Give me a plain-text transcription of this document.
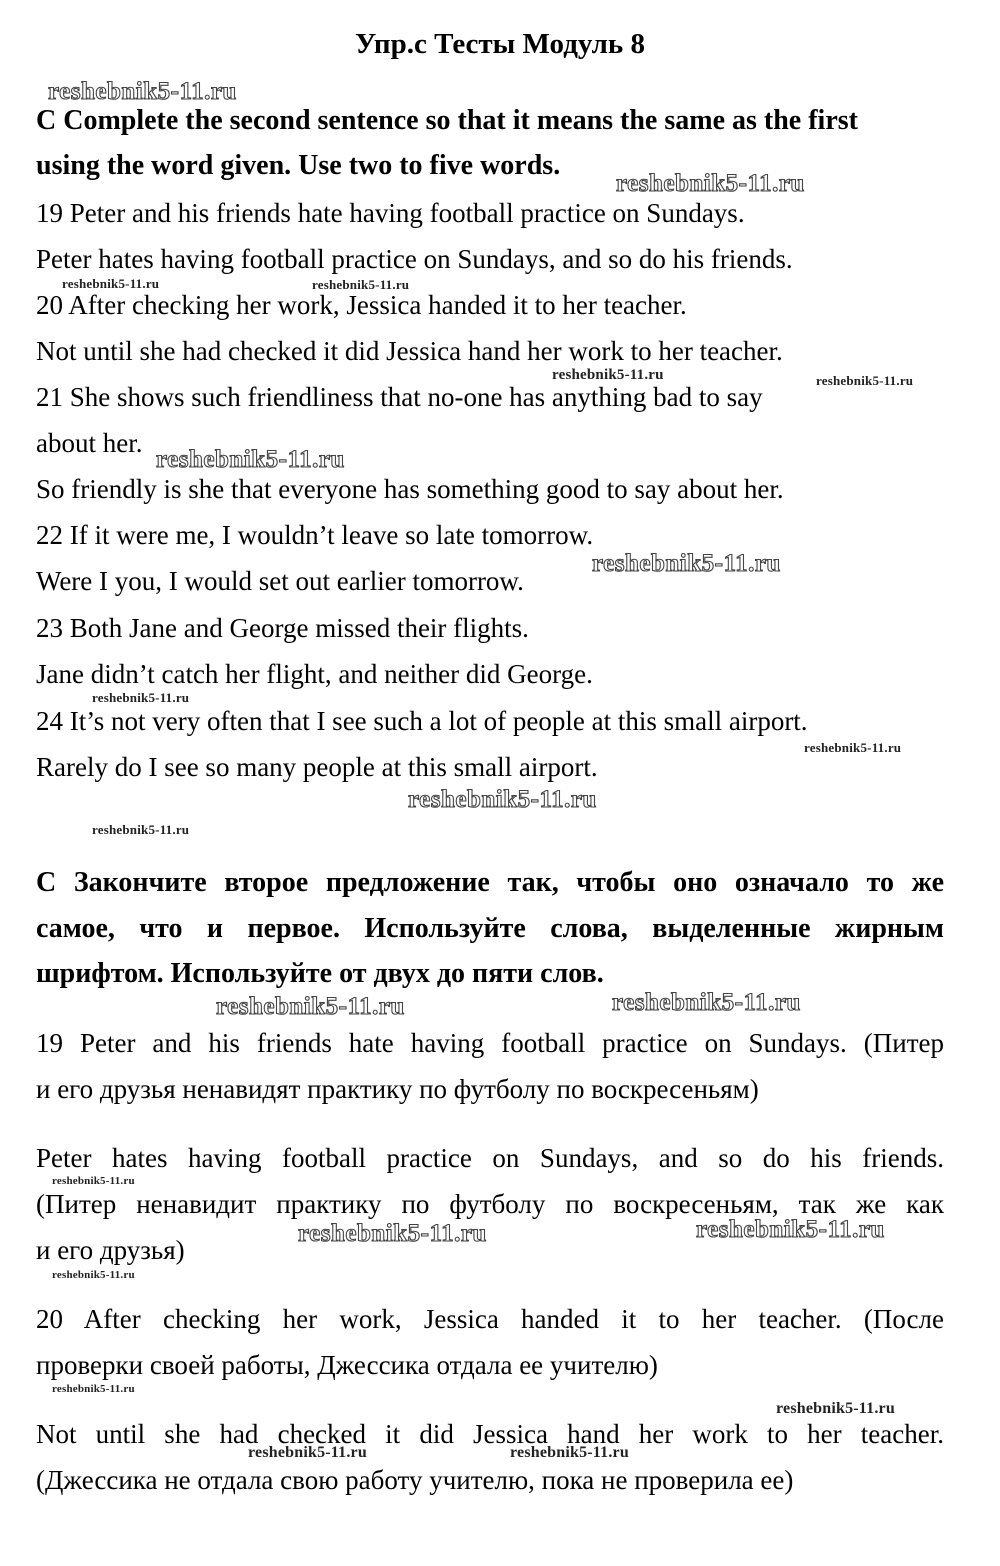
Упр.с Тесты Модуль 8
C Complete the second sentence so that it means the same as the first
using the word given. Use two to five words.
19 Peter and his friends hate having football practice on Sundays.
Peter hates having football practice on Sundays, and so do his friends.
20 After checking her work, Jessica handed it to her teacher.
Not until she had checked it did Jessica hand her work to her teacher.
21 She shows such friendliness that no-one has anything bad to say
about her.
So friendly is she that everyone has something good to say about her.
22 If it were me, I wouldn’t leave so late tomorrow.
Were I you, I would set out earlier tomorrow.
23 Both Jane and George missed their flights.
Jane didn’t catch her flight, and neither did George.
24 It’s not very often that I see such a lot of people at this small airport.
Rarely do I see so many people at this small airport.
C Закончите второе предложение так, чтобы оно означало то же
самое, что и первое. Используйте слова, выделенные жирным
шрифтом. Используйте от двух до пяти слов.
19 Peter and his friends hate having football practice on Sundays. (Питер
и его друзья ненавидят практику по футболу по воскресеньям)
Peter hates having football practice on Sundays, and so do his friends.
(Питер ненавидит практику по футболу по воскресеньям, так же как
и его друзья)
20 After checking her work, Jessica handed it to her teacher. (После
проверки своей работы, Джессика отдала ее учителю)
Not until she had checked it did Jessica hand her work to her teacher.
(Джессика не отдала свою работу учителю, пока не проверила ее)
reshebnik5-11.ru
reshebnik5-11.ru
reshebnik5-11.ru	reshebnik5-11.ru
reshebnik5-11.ru	reshebnik5-11.ru
reshebnik5-11.ru
reshebnik5-11.ru
reshebnik5-11.ru
reshebnik5-11.ru
reshebnik5-11.ru
reshebnik5-11.ru
reshebnik5-11.ru	reshebnik5-11.ru
reshebnik5-11.ru
reshebnik5-11.ru	reshebnik5-11.ru
reshebnik5-11.ru
reshebnik5-11.ru
reshebnik5-11.ru
reshebnik5-11.ru	reshebnik5-11.ru
